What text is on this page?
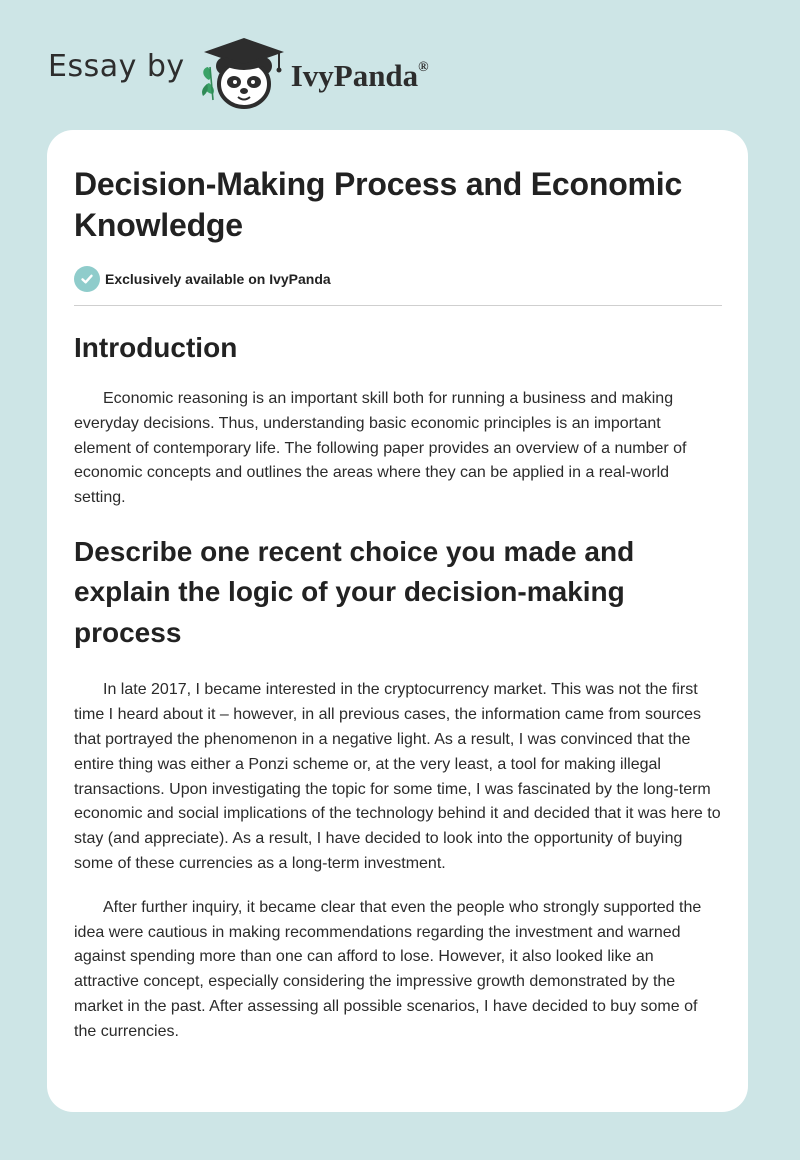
Essay by	IvyPanda®
Decision-Making Process and Economic Knowledge
Exclusively available on IvyPanda
Introduction

Economic reasoning is an important skill both for running a business and making everyday decisions. Thus, understanding basic economic principles is an important element of contemporary life. The following paper provides an overview of a number of economic concepts and outlines the areas where they can be applied in a real-world setting.

Describe one recent choice you made and explain the logic of your decision-making process

In late 2017, I became interested in the cryptocurrency market. This was not the first time I heard about it – however, in all previous cases, the information came from sources that portrayed the phenomenon in a negative light. As a result, I was convinced that the entire thing was either a Ponzi scheme or, at the very least, a tool for making illegal transactions. Upon investigating the topic for some time, I was fascinated by the long-term economic and social implications of the technology behind it and decided that it was here to stay (and appreciate). As a result, I have decided to look into the opportunity of buying some of these currencies as a long-term investment.

After further inquiry, it became clear that even the people who strongly supported the idea were cautious in making recommendations regarding the investment and warned against spending more than one can afford to lose. However, it also looked like an attractive concept, especially considering the impressive growth demonstrated by the market in the past. After assessing all possible scenarios, I have decided to buy some of the currencies.
